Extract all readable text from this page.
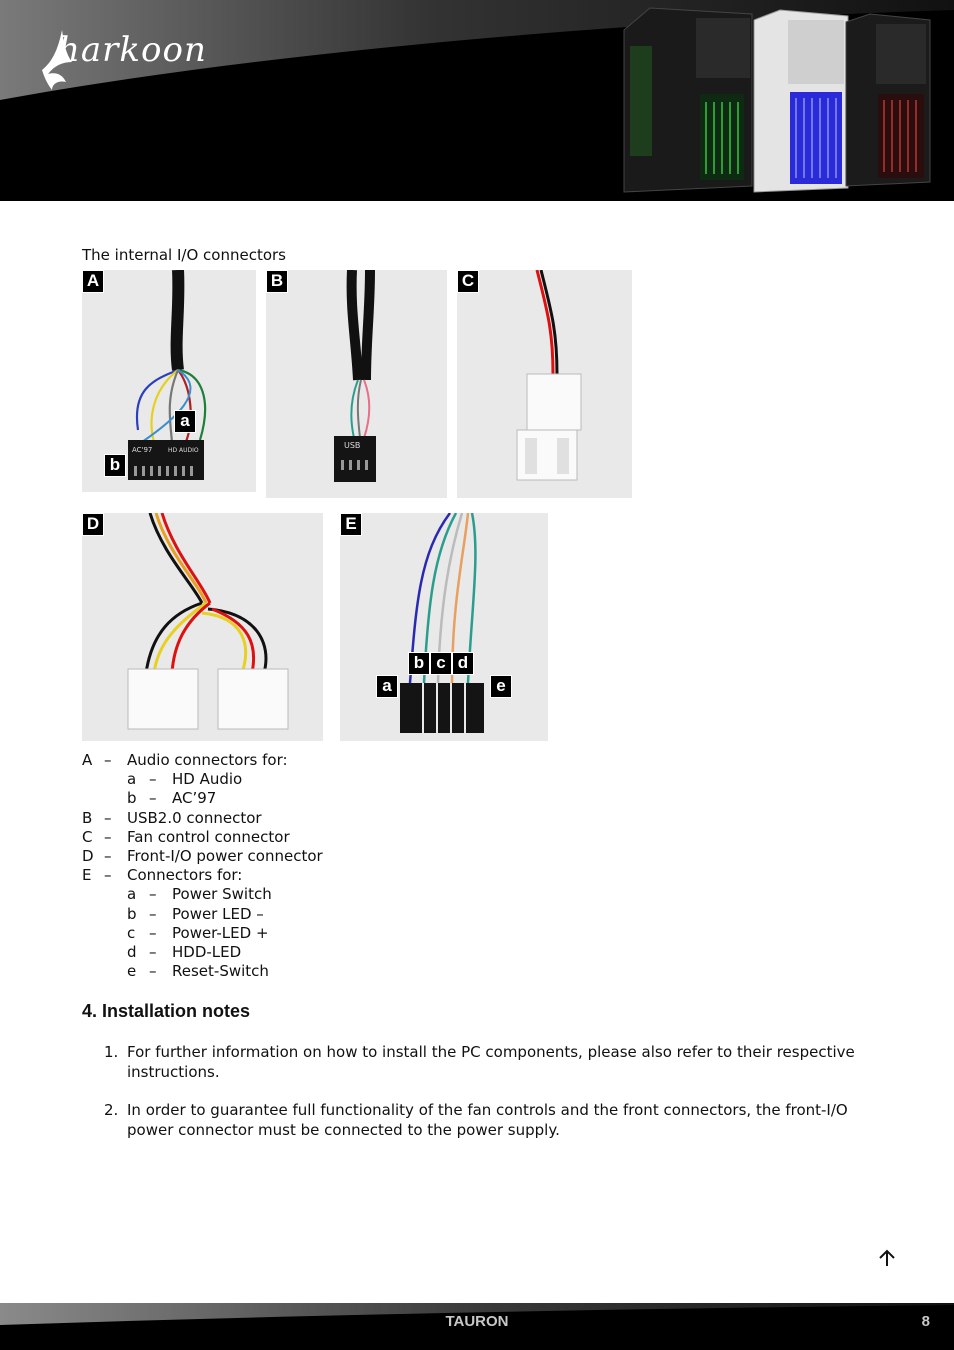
harkoon
The internal I/O connectors
AC'97	HD AUDIO
A
a
b
USB
B	C
D	E
a
b c d
e
A – Audio connectors for:
a – HD Audio
b – AC’97
B – USB2.0 connector
C – Fan control connector
D – Front-I/O power connector
E – Connectors for:
a – Power Switch
b – Power LED –
c – Power-LED +
d – HDD-LED
e – Reset-Switch
4. Installation notes
1. For further information on how to install the PC components, please also refer to their respective instructions.
2. In order to guarantee full functionality of the fan controls and the front connectors, the front-I/O power connector must be connected to the power supply.
TAURON	8
